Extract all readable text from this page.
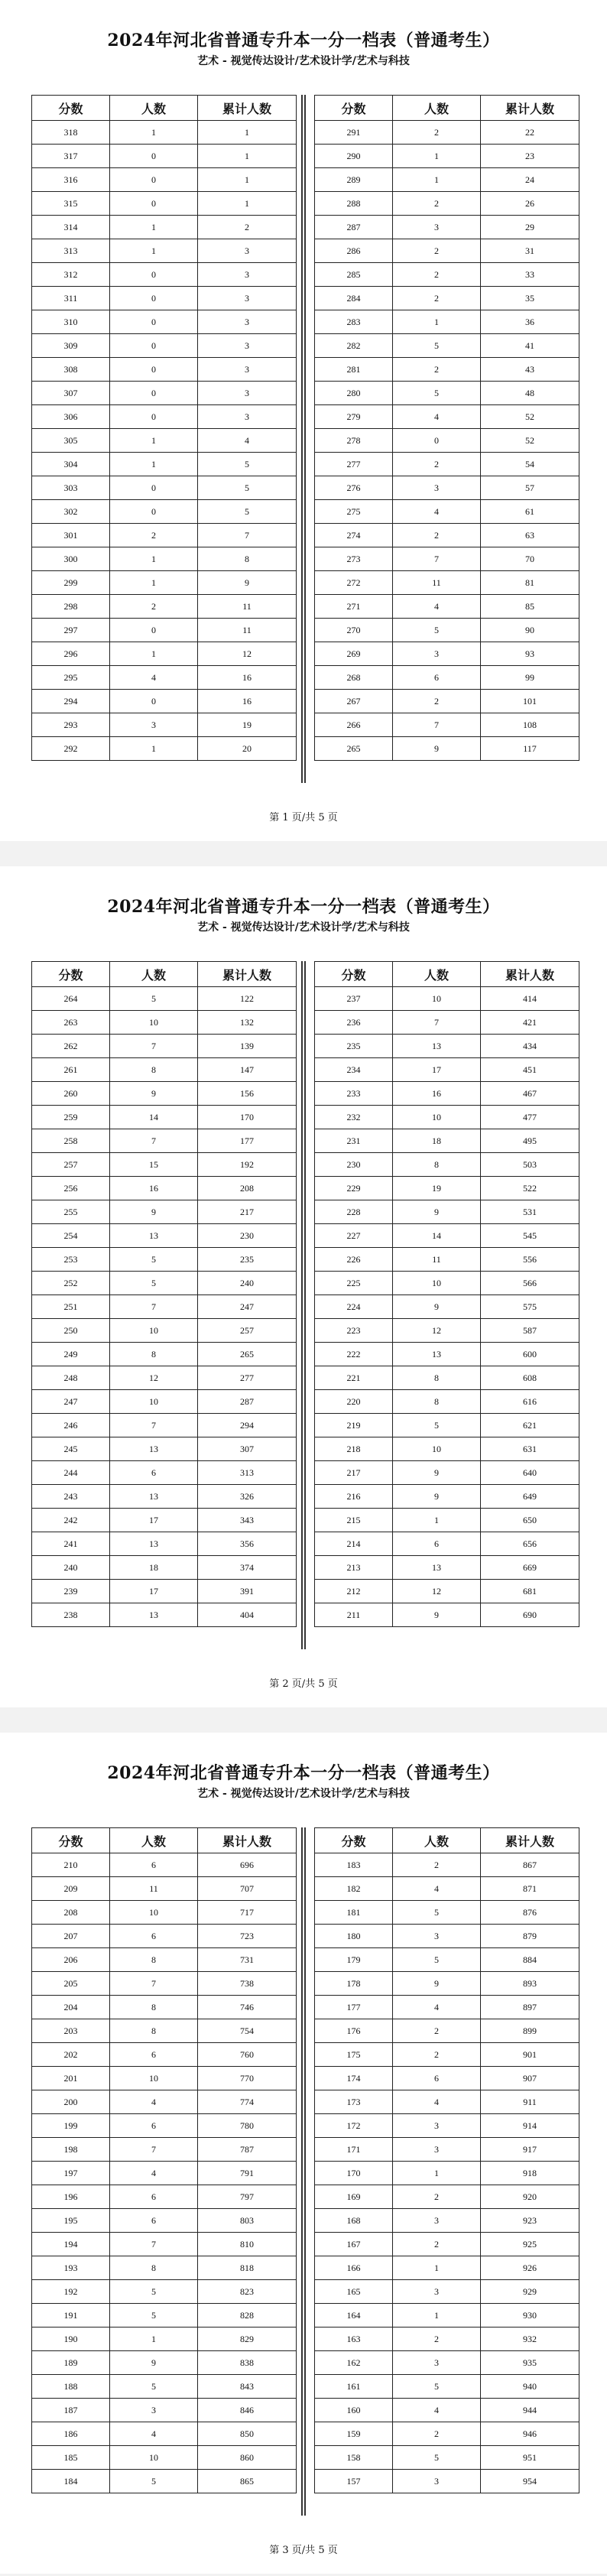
2024年河北省普通专升本一分一档表（普通考生）
艺术 - 视觉传达设计/艺术设计学/艺术与科技
分数	人数	累计人数
318	1	1
317	0	1
316	0	1
315	0	1
314	1	2
313	1	3
312	0	3
311	0	3
310	0	3
309	0	3
308	0	3
307	0	3
306	0	3
305	1	4
304	1	5
303	0	5
302	0	5
301	2	7
300	1	8
299	1	9
298	2	11
297	0	11
296	1	12
295	4	16
294	0	16
293	3	19
292	1	20
分数	人数	累计人数
291	2	22
290	1	23
289	1	24
288	2	26
287	3	29
286	2	31
285	2	33
284	2	35
283	1	36
282	5	41
281	2	43
280	5	48
279	4	52
278	0	52
277	2	54
276	3	57
275	4	61
274	2	63
273	7	70
272	11	81
271	4	85
270	5	90
269	3	93
268	6	99
267	2	101
266	7	108
265	9	117
第 1 页/共 5 页
2024年河北省普通专升本一分一档表（普通考生）
艺术 - 视觉传达设计/艺术设计学/艺术与科技
分数	人数	累计人数
264	5	122
263	10	132
262	7	139
261	8	147
260	9	156
259	14	170
258	7	177
257	15	192
256	16	208
255	9	217
254	13	230
253	5	235
252	5	240
251	7	247
250	10	257
249	8	265
248	12	277
247	10	287
246	7	294
245	13	307
244	6	313
243	13	326
242	17	343
241	13	356
240	18	374
239	17	391
238	13	404
分数	人数	累计人数
237	10	414
236	7	421
235	13	434
234	17	451
233	16	467
232	10	477
231	18	495
230	8	503
229	19	522
228	9	531
227	14	545
226	11	556
225	10	566
224	9	575
223	12	587
222	13	600
221	8	608
220	8	616
219	5	621
218	10	631
217	9	640
216	9	649
215	1	650
214	6	656
213	13	669
212	12	681
211	9	690
第 2 页/共 5 页
2024年河北省普通专升本一分一档表（普通考生）
艺术 - 视觉传达设计/艺术设计学/艺术与科技
分数	人数	累计人数
210	6	696
209	11	707
208	10	717
207	6	723
206	8	731
205	7	738
204	8	746
203	8	754
202	6	760
201	10	770
200	4	774
199	6	780
198	7	787
197	4	791
196	6	797
195	6	803
194	7	810
193	8	818
192	5	823
191	5	828
190	1	829
189	9	838
188	5	843
187	3	846
186	4	850
185	10	860
184	5	865
分数	人数	累计人数
183	2	867
182	4	871
181	5	876
180	3	879
179	5	884
178	9	893
177	4	897
176	2	899
175	2	901
174	6	907
173	4	911
172	3	914
171	3	917
170	1	918
169	2	920
168	3	923
167	2	925
166	1	926
165	3	929
164	1	930
163	2	932
162	3	935
161	5	940
160	4	944
159	2	946
158	5	951
157	3	954
第 3 页/共 5 页
